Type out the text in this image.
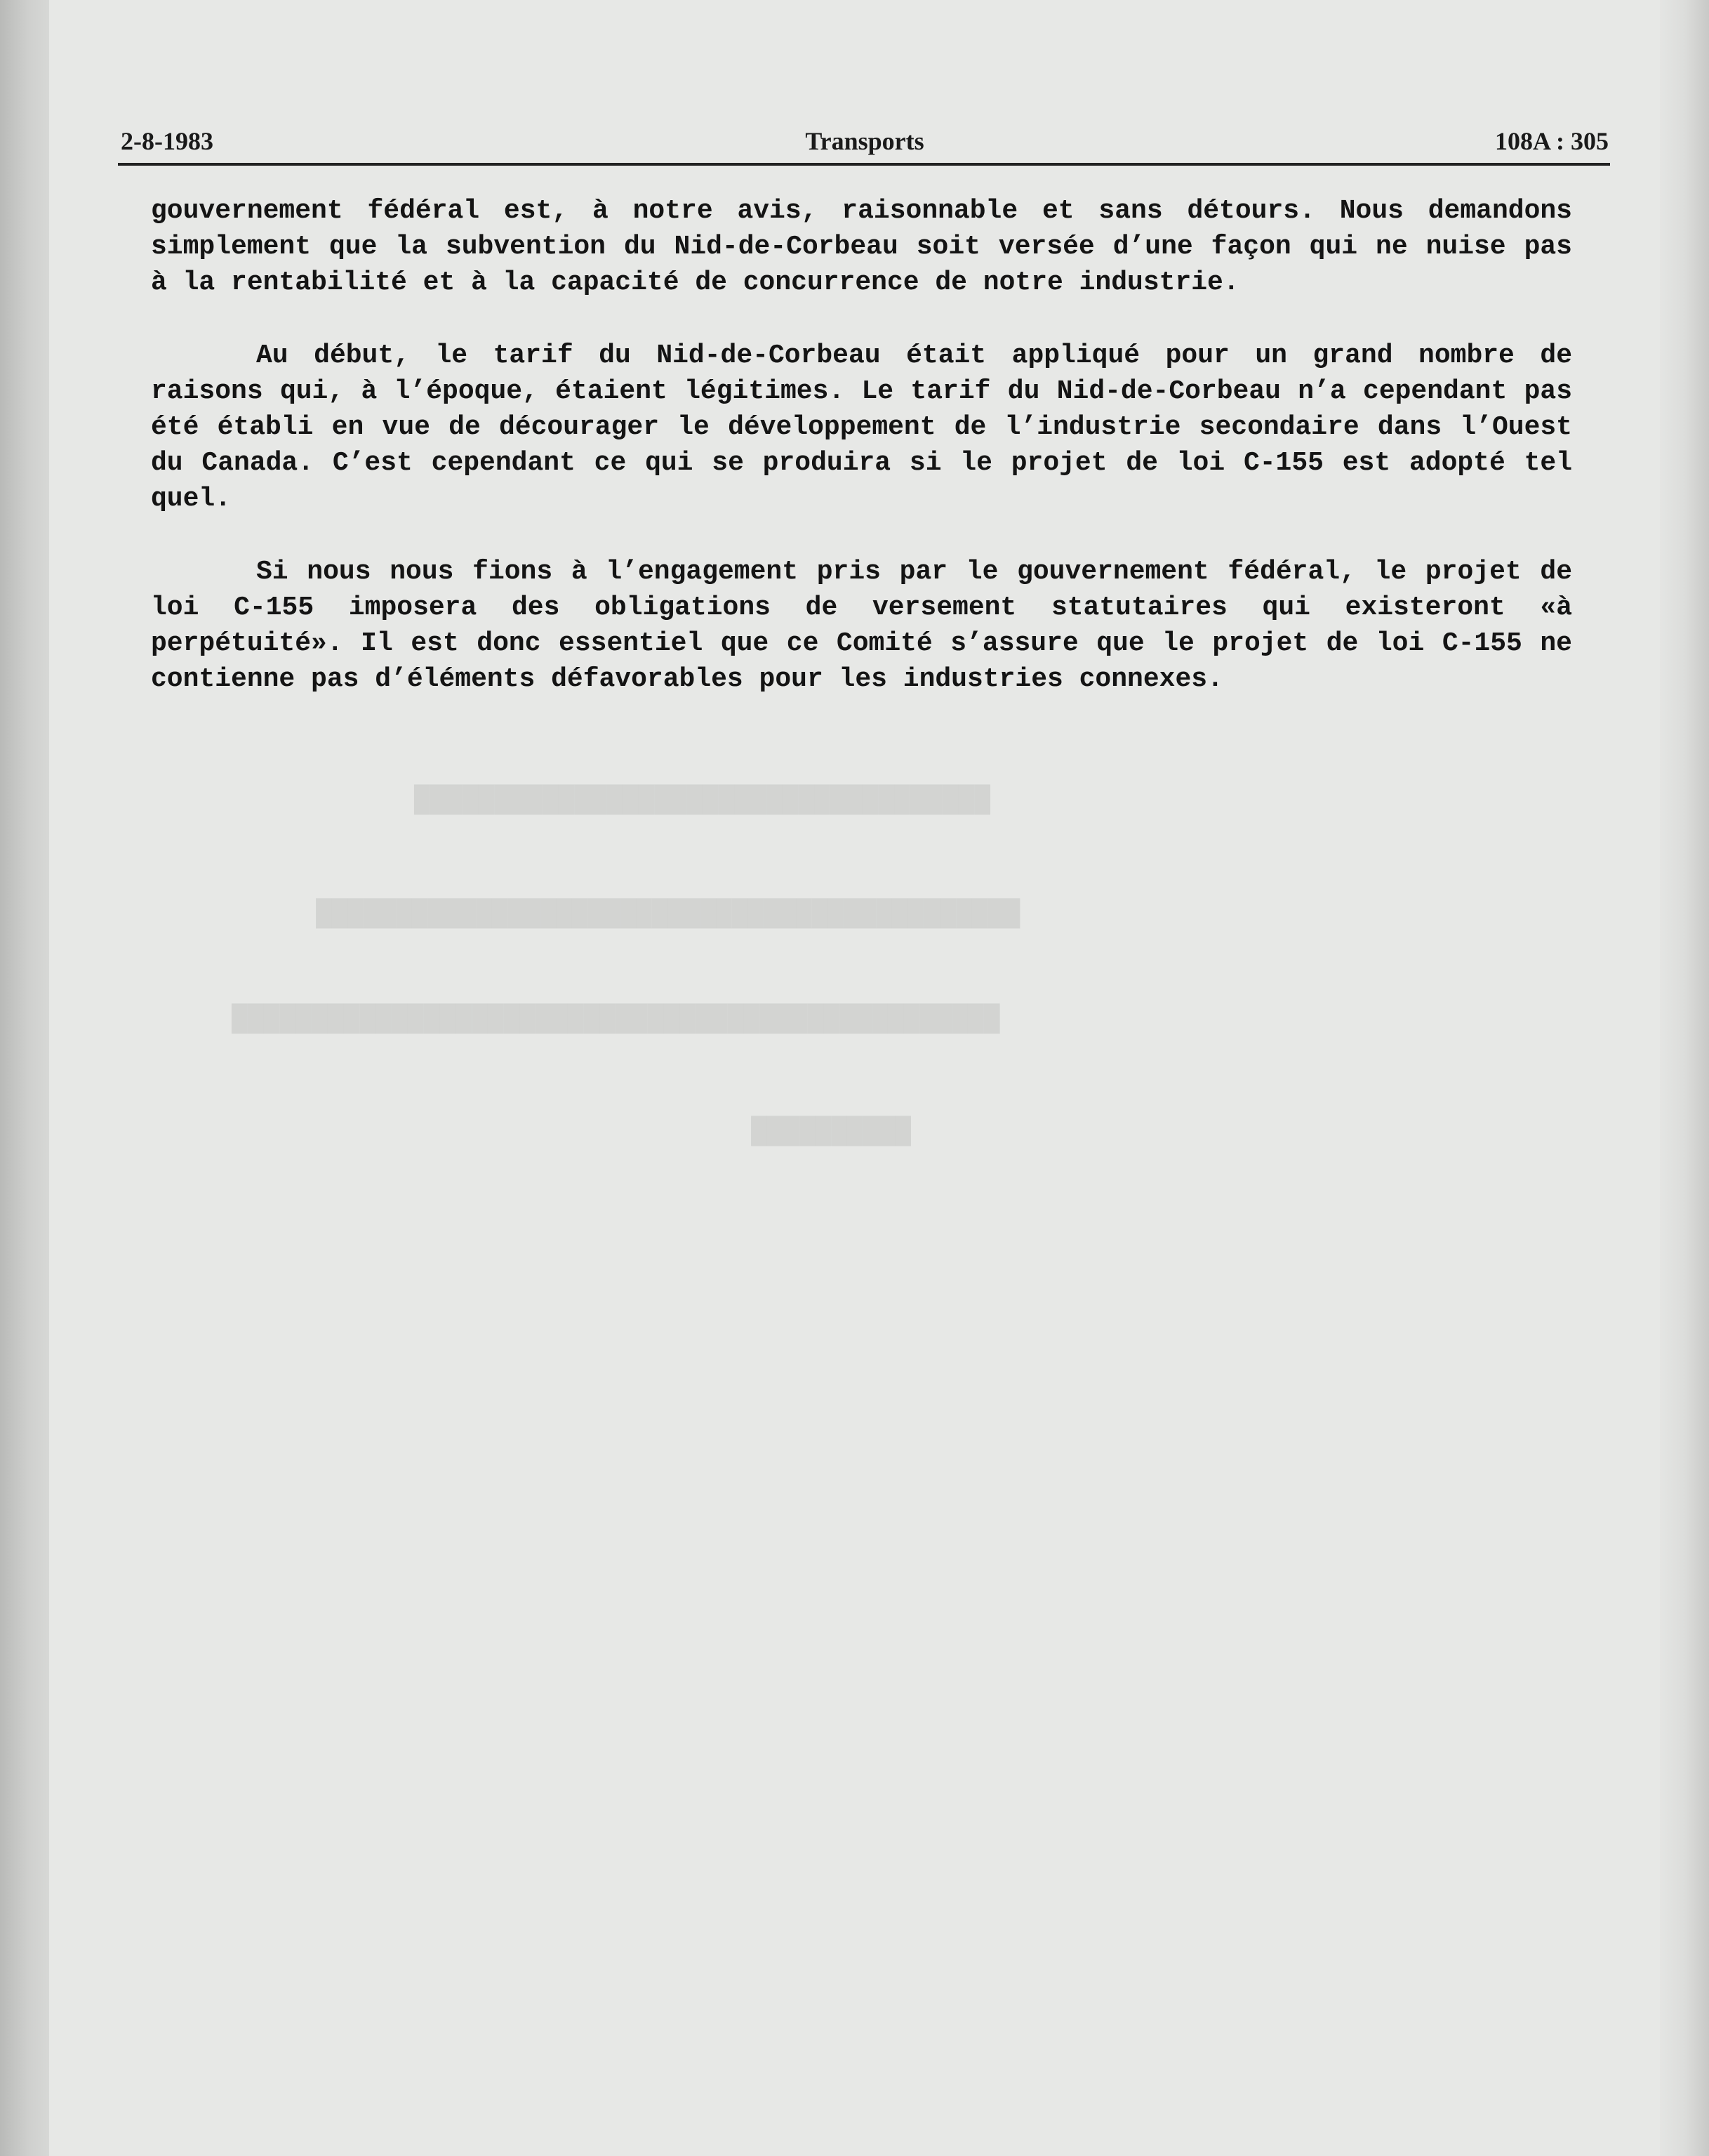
████████████████████████████████████
████████████████████████████████████████████
████████████████████████████████████████████████
██████████
2-8-1983	Transports	108A : 305

gouvernement fédéral est, à notre avis, raisonnable et sans détours. Nous demandons simplement que la subvention du Nid-de-Corbeau soit versée d’une façon qui ne nuise pas à la rentabilité et à la capacité de concurrence de notre industrie.

Au début, le tarif du Nid-de-Corbeau était appliqué pour un grand nombre de raisons qui, à l’époque, étaient légitimes. Le tarif du Nid-de-Corbeau n’a cependant pas été établi en vue de décourager le développement de l’industrie secondaire dans l’Ouest du Canada. C’est cependant ce qui se produira si le projet de loi C-155 est adopté tel quel.

Si nous nous fions à l’engagement pris par le gouvernement fédéral, le projet de loi C-155 imposera des obligations de versement statutaires qui existeront «à perpétuité». Il est donc essentiel que ce Comité s’assure que le projet de loi C-155 ne contienne pas d’éléments défavorables pour les industries connexes.
